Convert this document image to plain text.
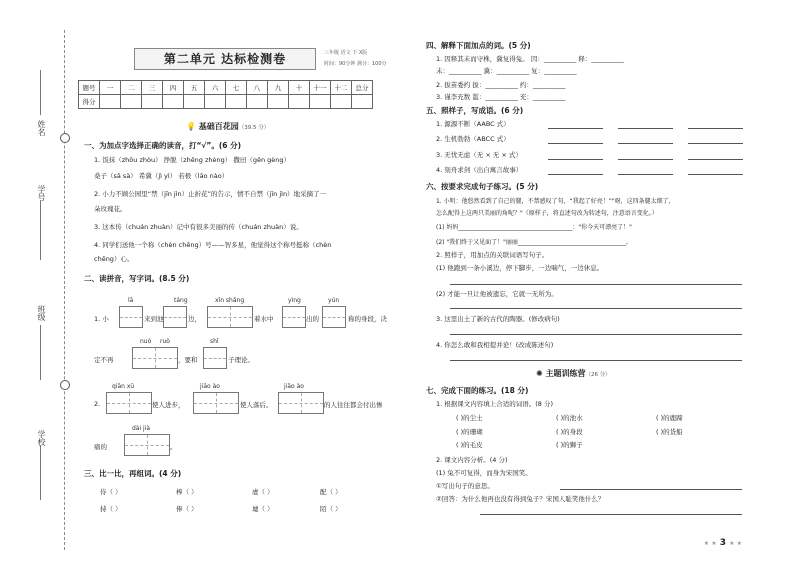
姓名
学号
班级
学校
第二单元 达标检测卷	三年级 语文 下 X版
时间：90分钟 满分：100分
题号	一	二	三	四	五	六	七	八	九	十	十一	十二	总分
得分													
💡 基础百花园（39.5 分）
一、为加点字选择正确的读音，打“√”。(6 分)
1. 饭抹（zhōu zhòu） 挣脱（zhēng zhèng） 撒田（gēn gèng）
桑子（sā sà） 希冀（jì yì） 若极（lāo nào）
2. 小力不顾公园里“禁（jīn jìn）止折花”的告示，情不自禁（jīn jìn）地采摘了一
朵玫瑰花。
3. 这本传（chuán zhuàn）记中有很多美丽的传（chuán zhuàn）说。
4. 同学们送他一个称（chèn chēng）号——智多星，他觉得这个称号挺称（chèn
chēng）心。
二、读拼音，写字词。(8.5 分)
lā	táng	xīn shǎng	yìng	yún
1. 小	来到池	边，	着水中	出的	称的身段，决
nuò ruò	shǐ
定不再	，要和	子理论。
qiān xū	jiāo ào	jiāo ào
2.	使人进步，	使人落后。	的人往往都会付出惨
dài jià
痛的	。
三、比一比，再组词。(4 分)
侍（ ）	棒（ ）	虚（ ）	配（ ）
持（ ）	俸（ ）	墟（ ）	陌（ ）
四、解释下面加点的词。(5 分)
1. 因释其未而守株，冀复得兔。 因：__________ 释：__________
未：__________ 冀：__________ 复：__________
2. 拔苗委约 拔：__________ 约：__________
3. 谨李充数 滥：__________ 充：__________
五、照样子，写成语。(6 分)
1. 源源不断（AABC 式）
2. 生机勃勃（ABCC 式）
3. 无忧无虑（无 × 无 × 式）
4. 刻舟求剑（出自寓言故事）
六、按要求完成句子练习。(5 分)
1. 小明：他悠然看到了自己的腿，不禁感叹了句，“我起了好亮！”"呀，这四条腿太细了，
怎么配得上这两只美丽的角呢？"（原样子，将直述句改为转述句，注意语言变化。）
(1) 妈妈______________________________________："你今天可漂亮了！"
(2) "我们终于又见面了！"丽丽____________________________________。
2. 照样子，用加点的关联词语写句子。
(1) 他跑到一条小溪边，停下脚步，一边喘气，一边休息。
(2) 才能一旦让他被遗忘，它就一无所为。
3. 这里出土了新的古代的陶器。(修改病句)
4. 你怎么敢和我相提并论！(改成陈述句)
✺ 主题训练营（26 分）
七、完成下面的练习。(18 分)
1. 根据课文内容填上合适的词语。(8 分)
( )的尘土	( )的池水	( )的鹿蹄
( )的珊瑚	( )的身段	( )的货船
( )的毛皮	( )的狮子
2. 课文内容分析。(4 分)
(1) 兔不可复得，而身为宋国笑。
①写出句子的意思。
②回答：为什么他再也没有得到兔子？宋国人耻笑他什么？
★ ★ 3 ★ ★
